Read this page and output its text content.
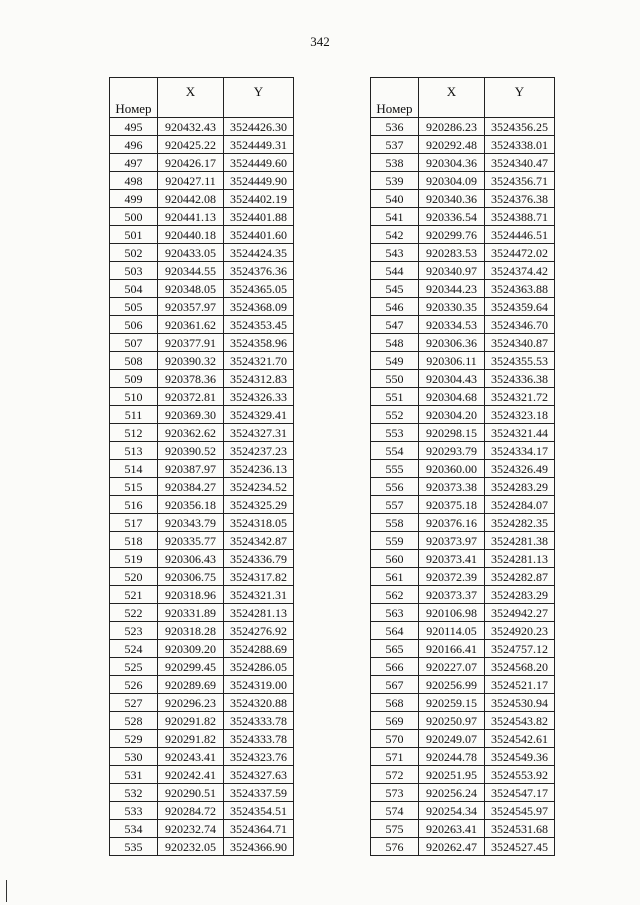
342
Номер	X	Y
495	920432.43	3524426.30
496	920425.22	3524449.31
497	920426.17	3524449.60
498	920427.11	3524449.90
499	920442.08	3524402.19
500	920441.13	3524401.88
501	920440.18	3524401.60
502	920433.05	3524424.35
503	920344.55	3524376.36
504	920348.05	3524365.05
505	920357.97	3524368.09
506	920361.62	3524353.45
507	920377.91	3524358.96
508	920390.32	3524321.70
509	920378.36	3524312.83
510	920372.81	3524326.33
511	920369.30	3524329.41
512	920362.62	3524327.31
513	920390.52	3524237.23
514	920387.97	3524236.13
515	920384.27	3524234.52
516	920356.18	3524325.29
517	920343.79	3524318.05
518	920335.77	3524342.87
519	920306.43	3524336.79
520	920306.75	3524317.82
521	920318.96	3524321.31
522	920331.89	3524281.13
523	920318.28	3524276.92
524	920309.20	3524288.69
525	920299.45	3524286.05
526	920289.69	3524319.00
527	920296.23	3524320.88
528	920291.82	3524333.78
529	920291.82	3524333.78
530	920243.41	3524323.76
531	920242.41	3524327.63
532	920290.51	3524337.59
533	920284.72	3524354.51
534	920232.74	3524364.71
535	920232.05	3524366.90
Номер	X	Y
536	920286.23	3524356.25
537	920292.48	3524338.01
538	920304.36	3524340.47
539	920304.09	3524356.71
540	920340.36	3524376.38
541	920336.54	3524388.71
542	920299.76	3524446.51
543	920283.53	3524472.02
544	920340.97	3524374.42
545	920344.23	3524363.88
546	920330.35	3524359.64
547	920334.53	3524346.70
548	920306.36	3524340.87
549	920306.11	3524355.53
550	920304.43	3524336.38
551	920304.68	3524321.72
552	920304.20	3524323.18
553	920298.15	3524321.44
554	920293.79	3524334.17
555	920360.00	3524326.49
556	920373.38	3524283.29
557	920375.18	3524284.07
558	920376.16	3524282.35
559	920373.97	3524281.38
560	920373.41	3524281.13
561	920372.39	3524282.87
562	920373.37	3524283.29
563	920106.98	3524942.27
564	920114.05	3524920.23
565	920166.41	3524757.12
566	920227.07	3524568.20
567	920256.99	3524521.17
568	920259.15	3524530.94
569	920250.97	3524543.82
570	920249.07	3524542.61
571	920244.78	3524549.36
572	920251.95	3524553.92
573	920256.24	3524547.17
574	920254.34	3524545.97
575	920263.41	3524531.68
576	920262.47	3524527.45
